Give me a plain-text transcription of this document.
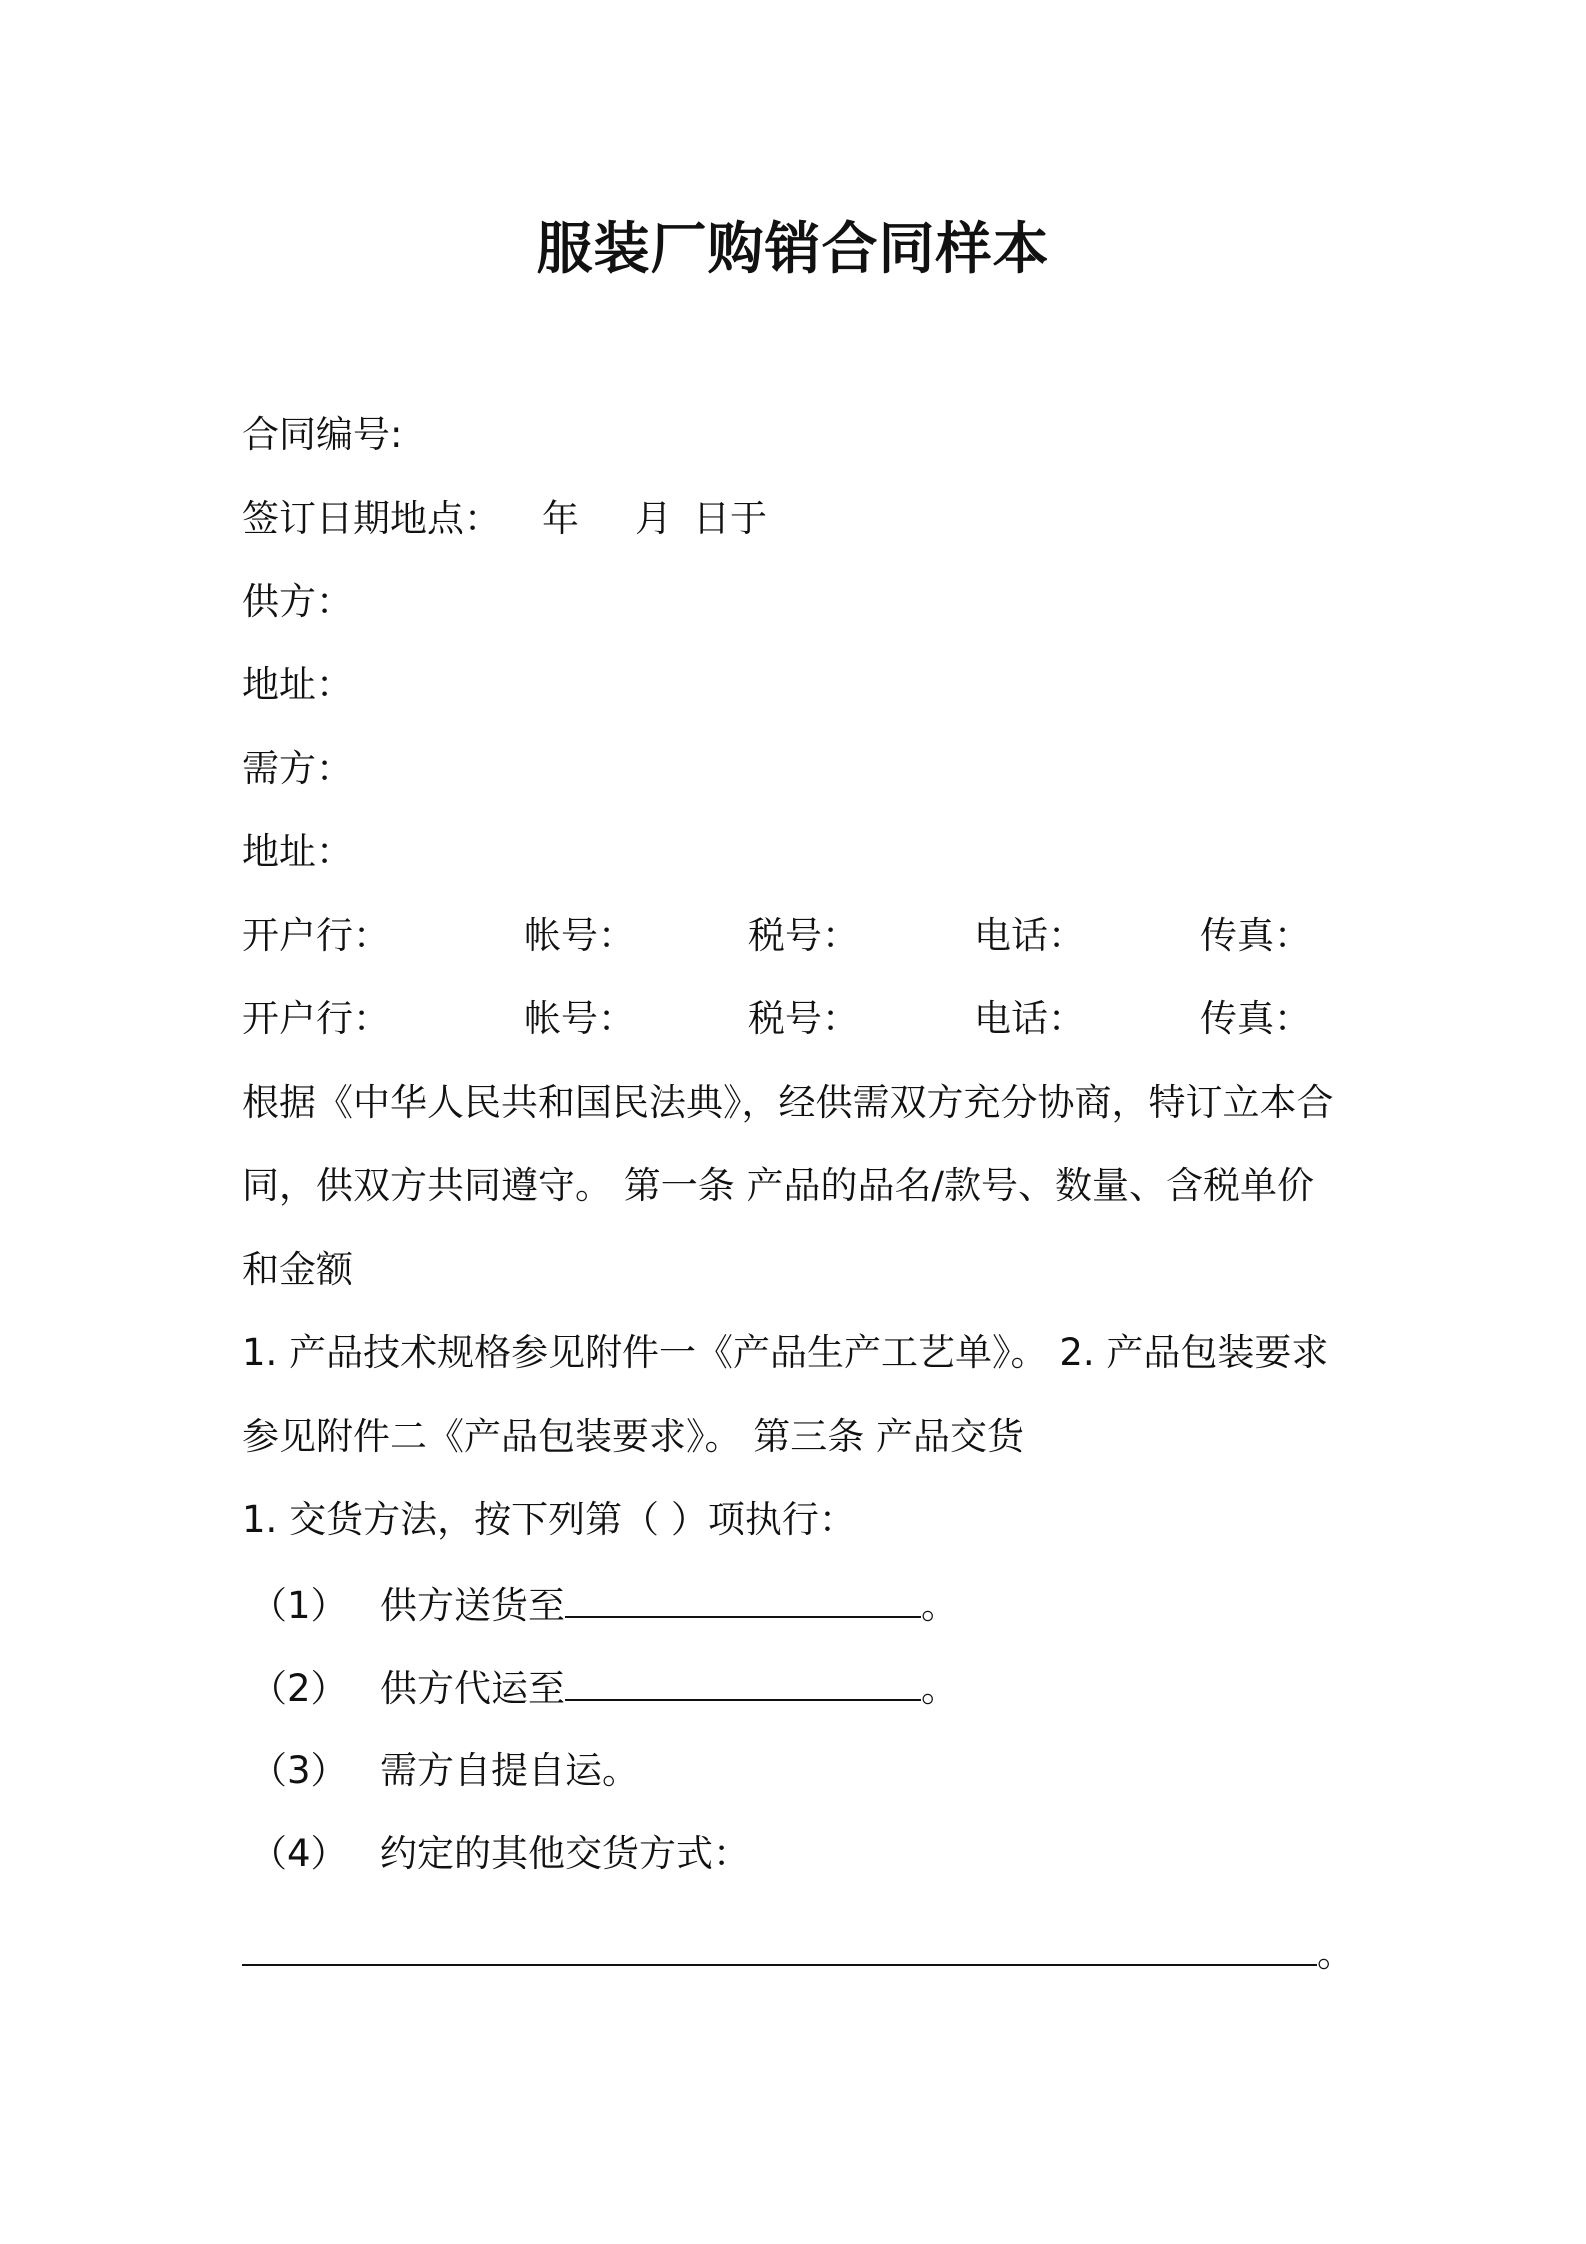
服装厂购销合同样本
合同编号:
签订日期地点： 年 月 日于
供方：
地址：
需方：
地址：
开户行：	帐号：	税号：	电话：	传真：
开户行：	帐号：	税号：	电话：	传真：
根据《中华人民共和国民法典》，经供需双方充分协商，特订立本合
同，供双方共同遵守。 第一条 产品的品名/款号、数量、含税单价
和金额
1. 产品技术规格参见附件一《产品生产工艺单》。 2. 产品包装要求
参见附件二《产品包装要求》。 第三条 产品交货
1. 交货方法，按下列第（ ）项执行：
（1） 供方送货至	。
（2） 供方代运至	。
（3） 需方自提自运。
（4） 约定的其他交货方式：
。
